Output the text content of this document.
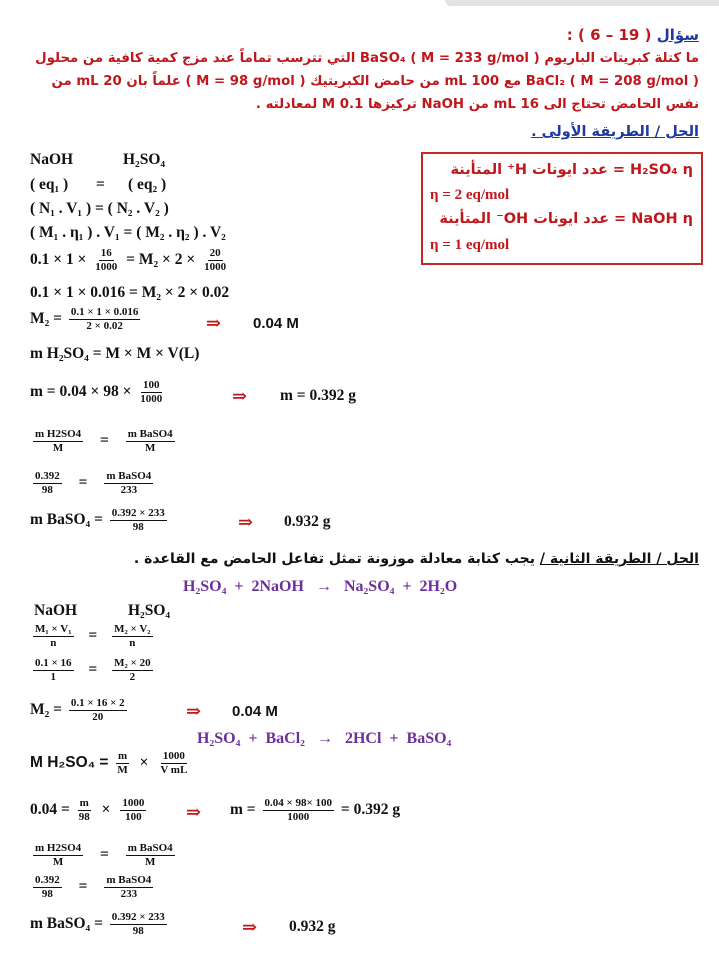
سؤال ( 19 – 6 ) :
ما كتلة كبريتات الباريوم BaSO₄ ( M = 233 g/mol ) التي تترسب تماماً عند مزج كمية كافية من محلول
BaCl₂ ( M = 208 g/mol ) مع 100 mL من حامض الكبريتيك ( M = 98 g/mol ) علماً بان 20 mL من
نفس الحامض تحتاج الى 16 mL من NaOH تركيزها 0.1 M لمعادلته .
الحل / الطريقة الأولى .
H₂SO₄ η = عدد ايونات H⁺ المتأينة
η = 2 eq/mol
NaOH η = عدد ايونات OH⁻ المتأينة
η = 1 eq/mol
NaOH	H₂SO₄
( eq₁ ) = ( eq₂ )
( N₁ . V₁ ) = ( N₂ . V₂ )
( M₁ . η₁ ) . V₁ = ( M₂ . η₂ ) . V₂
$0.1 \times 1 \times \frac{16}{1000} = M_2 \times 2 \times \frac{20}{1000}$
0.1 × 1 × 0.016 = M₂ × 2 × 0.02
$M_2 = \frac{0.1 \times 1 \times 0.016}{2 \times 0.02}$	⇒ 0.04 M
m H₂SO₄ = M × M × V(L)
$m = 0.04 \times 98 \times \frac{100}{1000}$	⇒ m = 0.392 g
$\frac{\text{m H2SO4}}{M} = \frac{\text{m BaSO4}}{M}$
$\frac{0.392}{98} = \frac{\text{m BaSO4}}{233}$
m BaSO₄ = $\frac{0.392 \times 233}{98}$	⇒ 0.932 g
الحل / الطريقة الثانية / يجب كتابة معادلة موزونة تمثل تفاعل الحامض مع القاعدة .
H₂SO₄  +  2NaOH   →   Na₂SO₄  +  2H₂O
NaOH	H₂SO₄
$\frac{\text{M₁ × V₁}}{n} = \frac{\text{M₂ × V₂}}{n}$
$\frac{0.1 \times 16}{1} = \frac{\text{M₂ × 20}}{2}$
$M_2 = \frac{0.1 \times 16 \times 2}{20}$	⇒ 0.04 M
H₂SO₄  +  BaCl₂   →   2HCl  +  BaSO₄
M $H_2SO_4 = \frac{m}{M} \times \frac{1000}{\text{V mL}}$
$0.04 = \frac{m}{98} \times \frac{1000}{100}$ ⇒ $m = \frac{0.04 \times 98\times 100}{1000} = 0.392$ g
$\frac{\text{m H2SO4}}{M} = \frac{\text{m BaSO4}}{M}$
$\frac{0.392}{98} = \frac{\text{m BaSO4}}{233}$
m BaSO₄ = $\frac{0.392 \times 233}{98}$	⇒ 0.932 g
